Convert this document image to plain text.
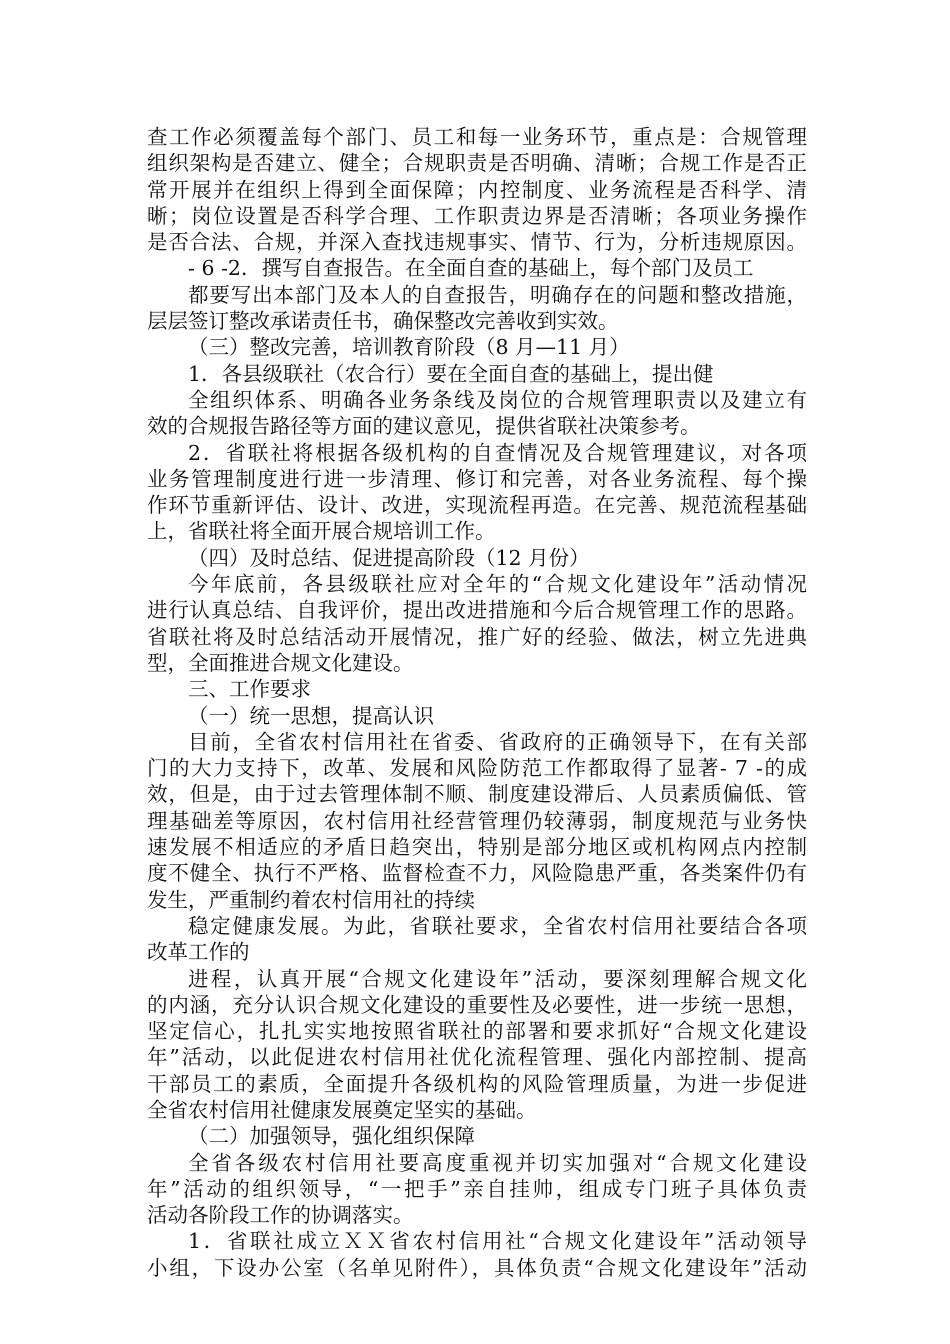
查工作必须覆盖每个部门、员工和每一业务环节，重点是：合规管理
组织架构是否建立、健全；合规职责是否明确、清晰；合规工作是否正
常开展并在组织上得到全面保障；内控制度、业务流程是否科学、清
晰；岗位设置是否科学合理、工作职责边界是否清晰；各项业务操作
是否合法、合规，并深入查找违规事实、情节、行为，分析违规原因。
- 6 -2．撰写自查报告。在全面自查的基础上，每个部门及员工
都要写出本部门及本人的自查报告，明确存在的问题和整改措施，
层层签订整改承诺责任书，确保整改完善收到实效。
（三）整改完善，培训教育阶段（8 月—11 月）
1．各县级联社（农合行）要在全面自查的基础上，提出健
全组织体系、明确各业务条线及岗位的合规管理职责以及建立有
效的合规报告路径等方面的建议意见，提供省联社决策参考。
2．省联社将根据各级机构的自查情况及合规管理建议，对各项
业务管理制度进行进一步清理、修订和完善，对各业务流程、每个操
作环节重新评估、设计、改进，实现流程再造。在完善、规范流程基础
上，省联社将全面开展合规培训工作。
（四）及时总结、促进提高阶段（12 月份）
今年底前，各县级联社应对全年的“合规文化建设年”活动情况
进行认真总结、自我评价，提出改进措施和今后合规管理工作的思路。
省联社将及时总结活动开展情况，推广好的经验、做法，树立先进典
型，全面推进合规文化建设。
三、工作要求
（一）统一思想，提高认识
目前，全省农村信用社在省委、省政府的正确领导下，在有关部
门的大力支持下，改革、发展和风险防范工作都取得了显著- 7 -的成
效，但是，由于过去管理体制不顺、制度建设滞后、人员素质偏低、管
理基础差等原因，农村信用社经营管理仍较薄弱，制度规范与业务快
速发展不相适应的矛盾日趋突出，特别是部分地区或机构网点内控制
度不健全、执行不严格、监督检查不力，风险隐患严重，各类案件仍有
发生，严重制约着农村信用社的持续
稳定健康发展。为此，省联社要求，全省农村信用社要结合各项
改革工作的
进程，认真开展“合规文化建设年”活动，要深刻理解合规文化
的内涵，充分认识合规文化建设的重要性及必要性，进一步统一思想，
坚定信心，扎扎实实地按照省联社的部署和要求抓好“合规文化建设
年”活动，以此促进农村信用社优化流程管理、强化内部控制、提高
干部员工的素质，全面提升各级机构的风险管理质量，为进一步促进
全省农村信用社健康发展奠定坚实的基础。
（二）加强领导，强化组织保障
全省各级农村信用社要高度重视并切实加强对“合规文化建设
年”活动的组织领导，“一把手”亲自挂帅，组成专门班子具体负责
活动各阶段工作的协调落实。
1．省联社成立ＸＸ省农村信用社“合规文化建设年”活动领导
小组，下设办公室（名单见附件），具体负责“合规文化建设年”活动
